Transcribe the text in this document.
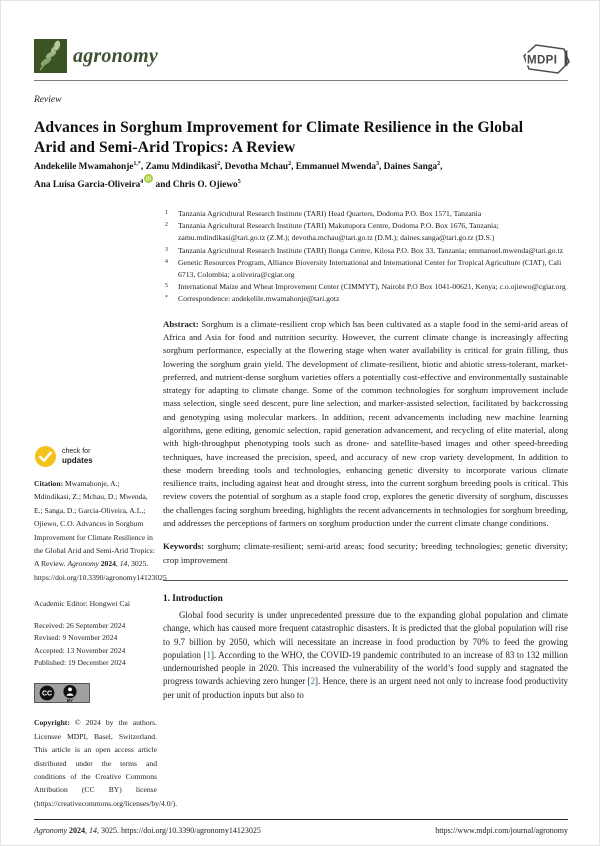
agronomy	MDPI
Review
Advances in Sorghum Improvement for Climate Resilience in the Global Arid and Semi-Arid Tropics: A Review
Andekelile Mwamahonje$^{1,*}$, Zamu Mdindikasi$^2$, Devotha Mchau$^2$, Emmanuel Mwenda$^3$, Daines Sanga$^2$,
Ana Luísa Garcia-Oliveira$^4$ iD
and Chris O. Ojiewo$^5$
1 Tanzania Agricultural Research Institute (TARI) Head Quarters, Dodoma P.O. Box 1571, Tanzania
2 Tanzania Agricultural Research Institute (TARI) Makutupora Centre, Dodoma P.O. Box 1676, Tanzania; zamu.mdindikasi@tari.go.tz (Z.M.); devotha.mchau@tari.go.tz (D.M.); daines.sanga@tari.go.tz (D.S.)
3 Tanzania Agricultural Research Institute (TARI) Ilonga Centre, Kilosa P.O. Box 33, Tanzania; emmanuel.mwenda@tari.go.tz
4 Genetic Resources Program, Alliance Bioversity International and International Center for Tropical Agriculture (CIAT), Cali 6713, Colombia; a.oliveira@cgiar.org
5 International Maize and Wheat Improvement Center (CIMMYT), Nairobi P.O Box 1041-00621, Kenya; c.o.ojiewo@cgiar.org
* Correspondence: andekelile.mwamahonje@tari.gotz

Abstract: Sorghum is a climate-resilient crop which has been cultivated as a staple food in the semi-arid areas of Africa and Asia for food and nutrition security. However, the current climate change is increasingly affecting sorghum performance, especially at the flowering stage when water availability is critical for grain filling, thus lowering the sorghum grain yield. The development of climate-resilient, biotic and abiotic stress-tolerant, market-preferred, and nutrient-dense sorghum varieties offers a potentially cost-effective and environmentally sustainable strategy for adapting to climate change. Some of the common technologies for sorghum improvement include mass selection, single seed descent, pure line selection, and marker-assisted selection, facilitated by backcrossing and genotyping using molecular markers. In addition, recent advancements including new machine learning algorithms, gene editing, genomic selection, rapid generation advancement, and recycling of elite material, along with high-throughput phenotyping tools such as drone- and satellite-based images and other speed-breeding techniques, have increased the precision, speed, and accuracy of new crop variety development. In addition to these modern breeding tools and technologies, enhancing genetic diversity to incorporate various climate resilience traits, including against heat and drought stress, into the current sorghum breeding pools is critical. This review covers the potential of sorghum as a staple food crop, explores the genetic diversity of sorghum, discusses the challenges facing sorghum breeding, highlights the recent advancements in technologies for sorghum breeding, and addresses the perceptions of farmers on sorghum production under the current climate change conditions.

Keywords: sorghum; climate-resilient; semi-arid areas; food security; breeding technologies; genetic diversity; crop improvement

1. Introduction

Global food security is under unprecedented pressure due to the expanding global population and climate change, which has caused more frequent catastrophic disasters. It is predicted that the global population will rise to 9.7 billion by 2050, which will necessitate an increase in food production by 70% to feed the growing population [1]. According to the WHO, the COVID-19 pandemic contributed to an increase of 83 to 132 million undernourished people in 2020. This increased the vulnerability of the world’s food supply and stagnated the progress towards achieving zero hunger [2]. Hence, there is an urgent need not only to increase food productivity per unit of production inputs but also to

check for
updates

Citation: Mwamahonje, A.; Mdindikasi, Z.; Mchau, D.; Mwenda, E.; Sanga, D.; Garcia-Oliveira, A.L.; Ojiewo, C.O. Advances in Sorghum Improvement for Climate Resilience in the Global Arid and Semi-Arid Tropics: A Review. Agronomy 2024, 14, 3025. https://doi.org/10.3390/agronomy14123025

Academic Editor: Hongwei Cai

Received: 26 September 2024
Revised: 9 November 2024
Accepted: 13 November 2024
Published: 19 December 2024
CC
BY

Copyright: © 2024 by the authors. Licensee MDPI, Basel, Switzerland. This article is an open access article distributed under the terms and conditions of the Creative Commons Attribution (CC BY) license (https://creativecommons.org/licenses/by/4.0/).

Agronomy 2024, 14, 3025. https://doi.org/10.3390/agronomy14123025	https://www.mdpi.com/journal/agronomy
